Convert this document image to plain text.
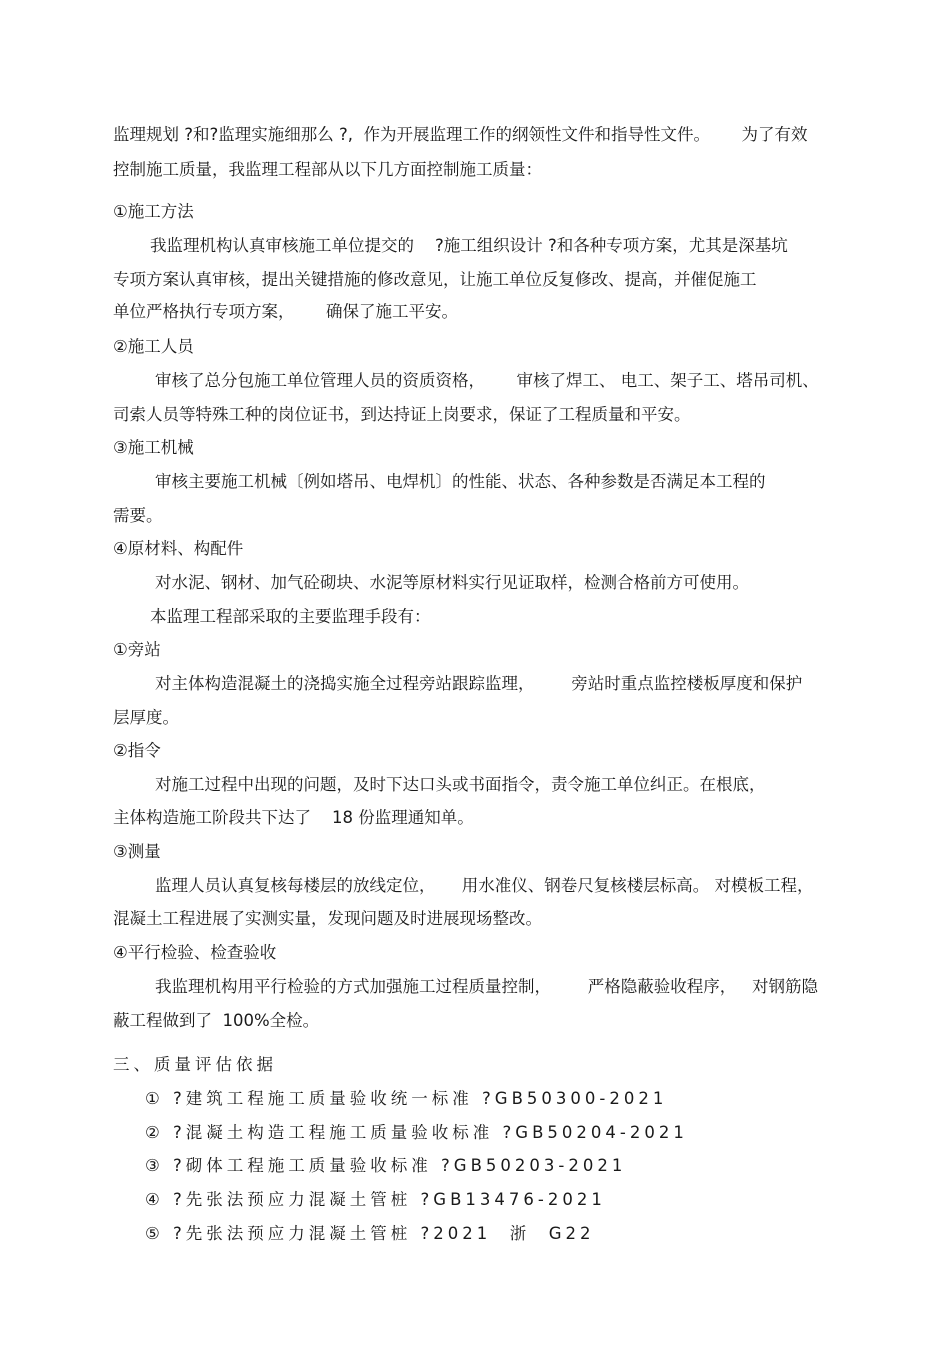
监理规划 ?和?监理实施细那么 ?,  作为开展监理工作的纲领性文件和指导性文件。      为了有效
控制施工质量，我监理工程部从以下几方面控制施工质量：
①施工方法
我监理机构认真审核施工单位提交的    ?施工组织设计 ?和各种专项方案，尤其是深基坑
专项方案认真审核，提出关键措施的修改意见，让施工单位反复修改、提高，并催促施工
单位严格执行专项方案，      确保了施工平安。
②施工人员
审核了总分包施工单位管理人员的资质资格，      审核了焊工、 电工、架子工、塔吊司机、
司索人员等特殊工种的岗位证书，到达持证上岗要求，保证了工程质量和平安。
③施工机械
审核主要施工机械〔例如塔吊、电焊机〕的性能、状态、各种参数是否满足本工程的
需要。
④原材料、构配件
对水泥、钢材、加气砼砌块、水泥等原材料实行见证取样，检测合格前方可使用。
本监理工程部采取的主要监理手段有：
①旁站
对主体构造混凝土的浇捣实施全过程旁站跟踪监理，       旁站时重点监控楼板厚度和保护
层厚度。
②指令
对施工过程中出现的问题，及时下达口头或书面指令，责令施工单位纠正。在根底，
主体构造施工阶段共下达了    18 份监理通知单。
③测量
监理人员认真复核每楼层的放线定位，     用水准仪、钢卷尺复核楼层标高。 对模板工程，
混凝土工程进展了实测实量，发现问题及时进展现场整改。
④平行检验、检查验收
我监理机构用平行检验的方式加强施工过程质量控制，       严格隐蔽验收程序，   对钢筋隐
蔽工程做到了  100%全检。
三、质量评估依据
① ?建筑工程施工质量验收统一标准 ?GB50300-2021
② ?混凝土构造工程施工质量验收标准 ?GB50204-2021
③ ?砌体工程施工质量验收标准 ?GB50203-2021
④ ?先张法预应力混凝土管桩 ?GB13476-2021
⑤ ?先张法预应力混凝土管桩 ?2021  浙  G22
